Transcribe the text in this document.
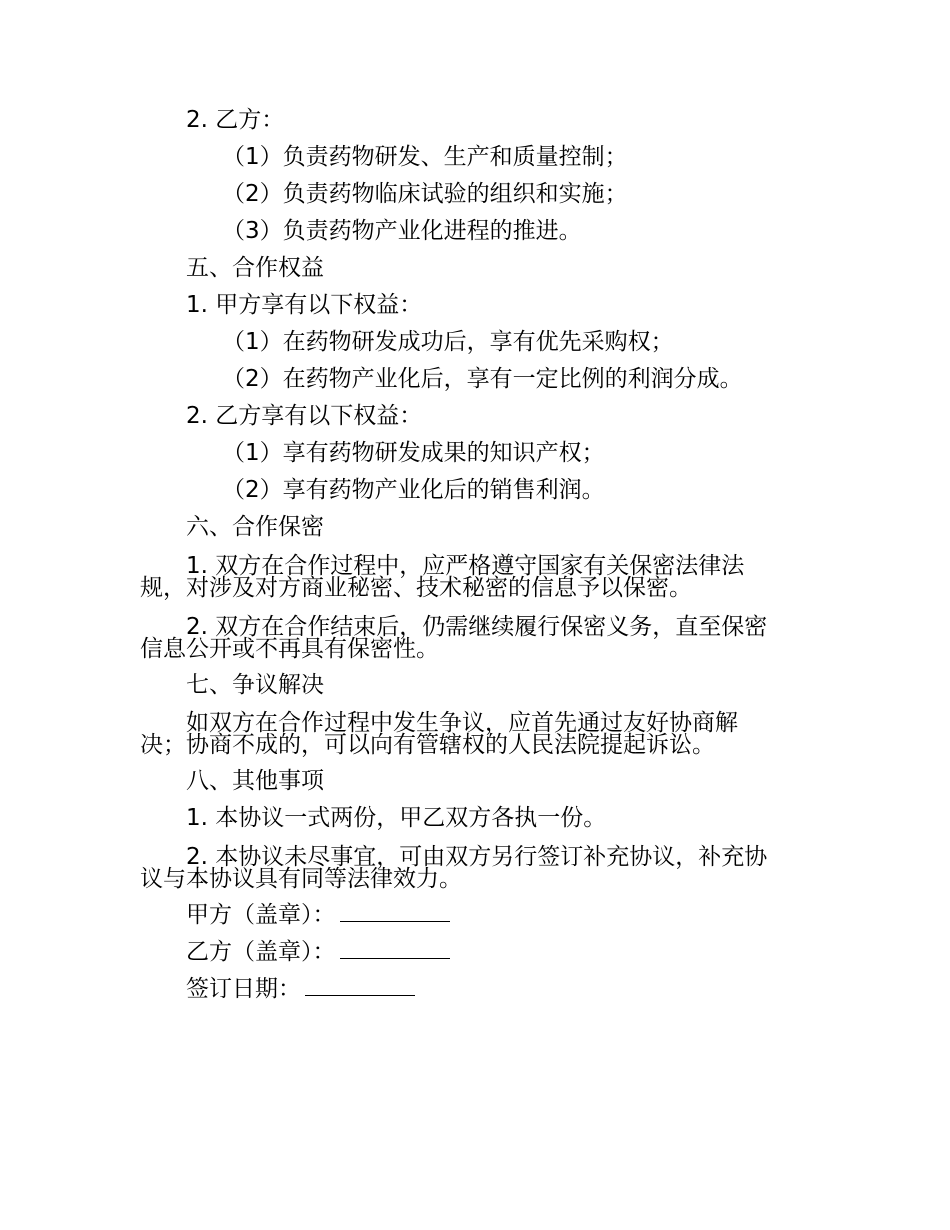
2. 乙方：
（1）负责药物研发、生产和质量控制；
（2）负责药物临床试验的组织和实施；
（3）负责药物产业化进程的推进。
五、合作权益
1. 甲方享有以下权益：
（1）在药物研发成功后，享有优先采购权；
（2）在药物产业化后，享有一定比例的利润分成。
2. 乙方享有以下权益：
（1）享有药物研发成果的知识产权；
（2）享有药物产业化后的销售利润。
六、合作保密
1. 双方在合作过程中，应严格遵守国家有关保密法律法
规，对涉及对方商业秘密、技术秘密的信息予以保密。
2. 双方在合作结束后，仍需继续履行保密义务，直至保密
信息公开或不再具有保密性。
七、争议解决
如双方在合作过程中发生争议，应首先通过友好协商解
决；协商不成的，可以向有管辖权的人民法院提起诉讼。
八、其他事项
1. 本协议一式两份，甲乙双方各执一份。
2. 本协议未尽事宜，可由双方另行签订补充协议，补充协
议与本协议具有同等法律效力。
甲方（盖章）：
乙方（盖章）：
签订日期：
